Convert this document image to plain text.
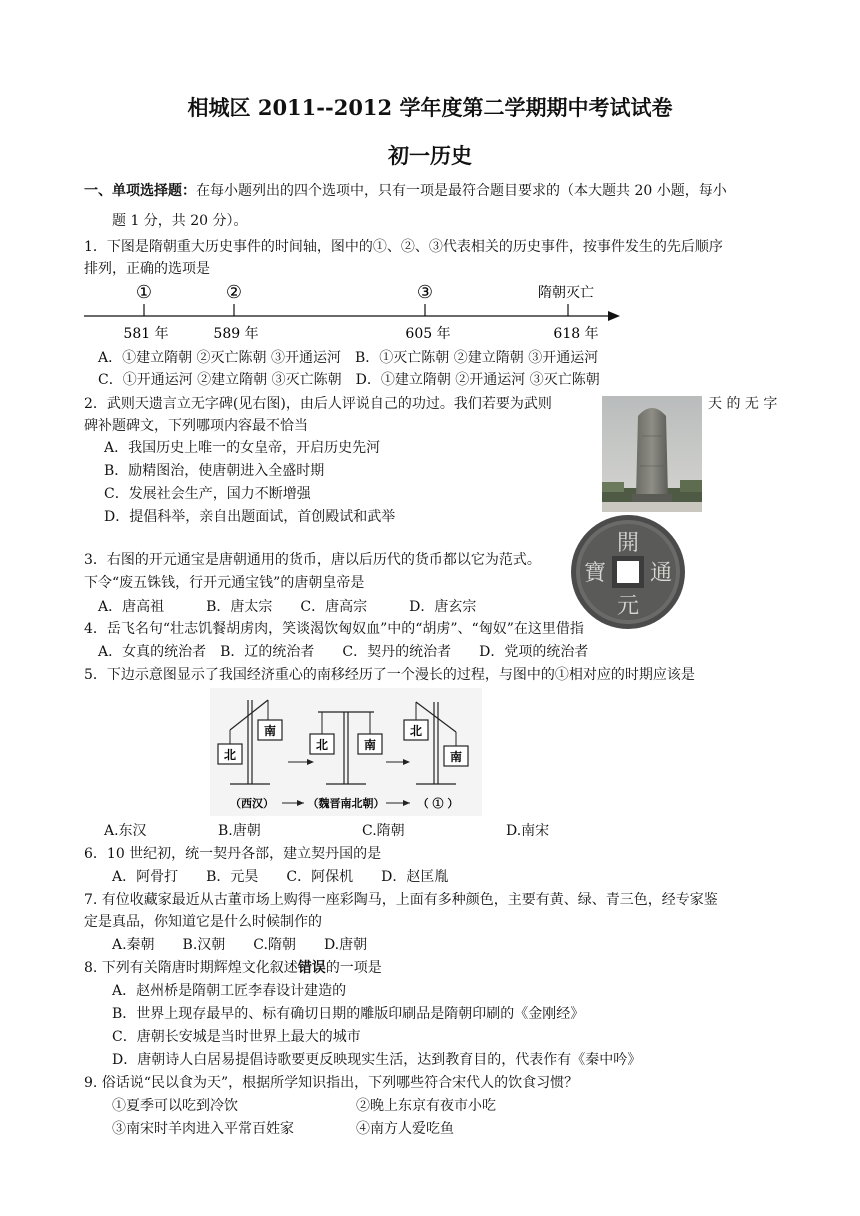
相城区 2011--2012 学年度第二学期期中考试试卷
初一历史
一、单项选择题：在每小题列出的四个选项中，只有一项是最符合题目要求的（本大题共 20 小题，每小
题 1 分，共 20 分）。
1．下图是隋朝重大历史事件的时间轴，图中的①、②、③代表相关的历史事件，按事件发生的先后顺序
排列，正确的选项是
①	②	③	隋朝灭亡
581 年	589 年	605 年	618 年
A．①建立隋朝 ②灭亡陈朝 ③开通运河　B．①灭亡陈朝 ②建立隋朝 ③开通运河
C．①开通运河 ②建立隋朝 ③灭亡陈朝　D．①建立隋朝 ②开通运河 ③灭亡陈朝
2．武则天遗言立无字碑(见右图)，由后人评说自己的功过。我们若要为武则	天 的 无 字
碑补题碑文，下列哪项内容最不恰当
A．我国历史上唯一的女皇帝，开启历史先河
B．励精图治，使唐朝进入全盛时期
C．发展社会生产，国力不断增强
D．提倡科举，亲自出题面试，首创殿试和武举
開
元
通
寶
3．右图的开元通宝是唐朝通用的货币，唐以后历代的货币都以它为范式。
下令“废五铢钱，行开元通宝钱”的唐朝皇帝是
A．唐高祖　　　B．唐太宗　　C．唐高宗　　　D．唐玄宗
4．岳飞名句“壮志饥餐胡虏肉，笑谈渴饮匈奴血”中的“胡虏”、“匈奴”在这里借指
A．女真的统治者　B．辽的统治者　　C．契丹的统治者　　D．党项的统治者
5．下边示意图显示了我国经济重心的南移经历了一个漫长的过程，与图中的①相对应的时期应该是
北
南
北	南
北
南
（西汉）	（魏晋南北朝）	（ ① ）
A.东汉	B.唐朝	C.隋朝	D.南宋
6．10 世纪初，统一契丹各部，建立契丹国的是
A．阿骨打　　B．元昊　　C．阿保机　　D．赵匡胤
7. 有位收藏家最近从古董市场上购得一座彩陶马，上面有多种颜色，主要有黄、绿、青三色，经专家鉴
定是真品，你知道它是什么时候制作的
A.秦朝　　B.汉朝　　C.隋朝　　D.唐朝
8. 下列有关隋唐时期辉煌文化叙述错误的一项是
A．赵州桥是隋朝工匠李春设计建造的
B．世界上现存最早的、标有确切日期的雕版印刷品是隋朝印刷的《金刚经》
C．唐朝长安城是当时世界上最大的城市
D．唐朝诗人白居易提倡诗歌要更反映现实生活，达到教育目的，代表作有《秦中吟》
9. 俗话说“民以食为天”，根据所学知识指出，下列哪些符合宋代人的饮食习惯？
①夏季可以吃到冷饮	②晚上东京有夜市小吃
③南宋时羊肉进入平常百姓家	④南方人爱吃鱼
